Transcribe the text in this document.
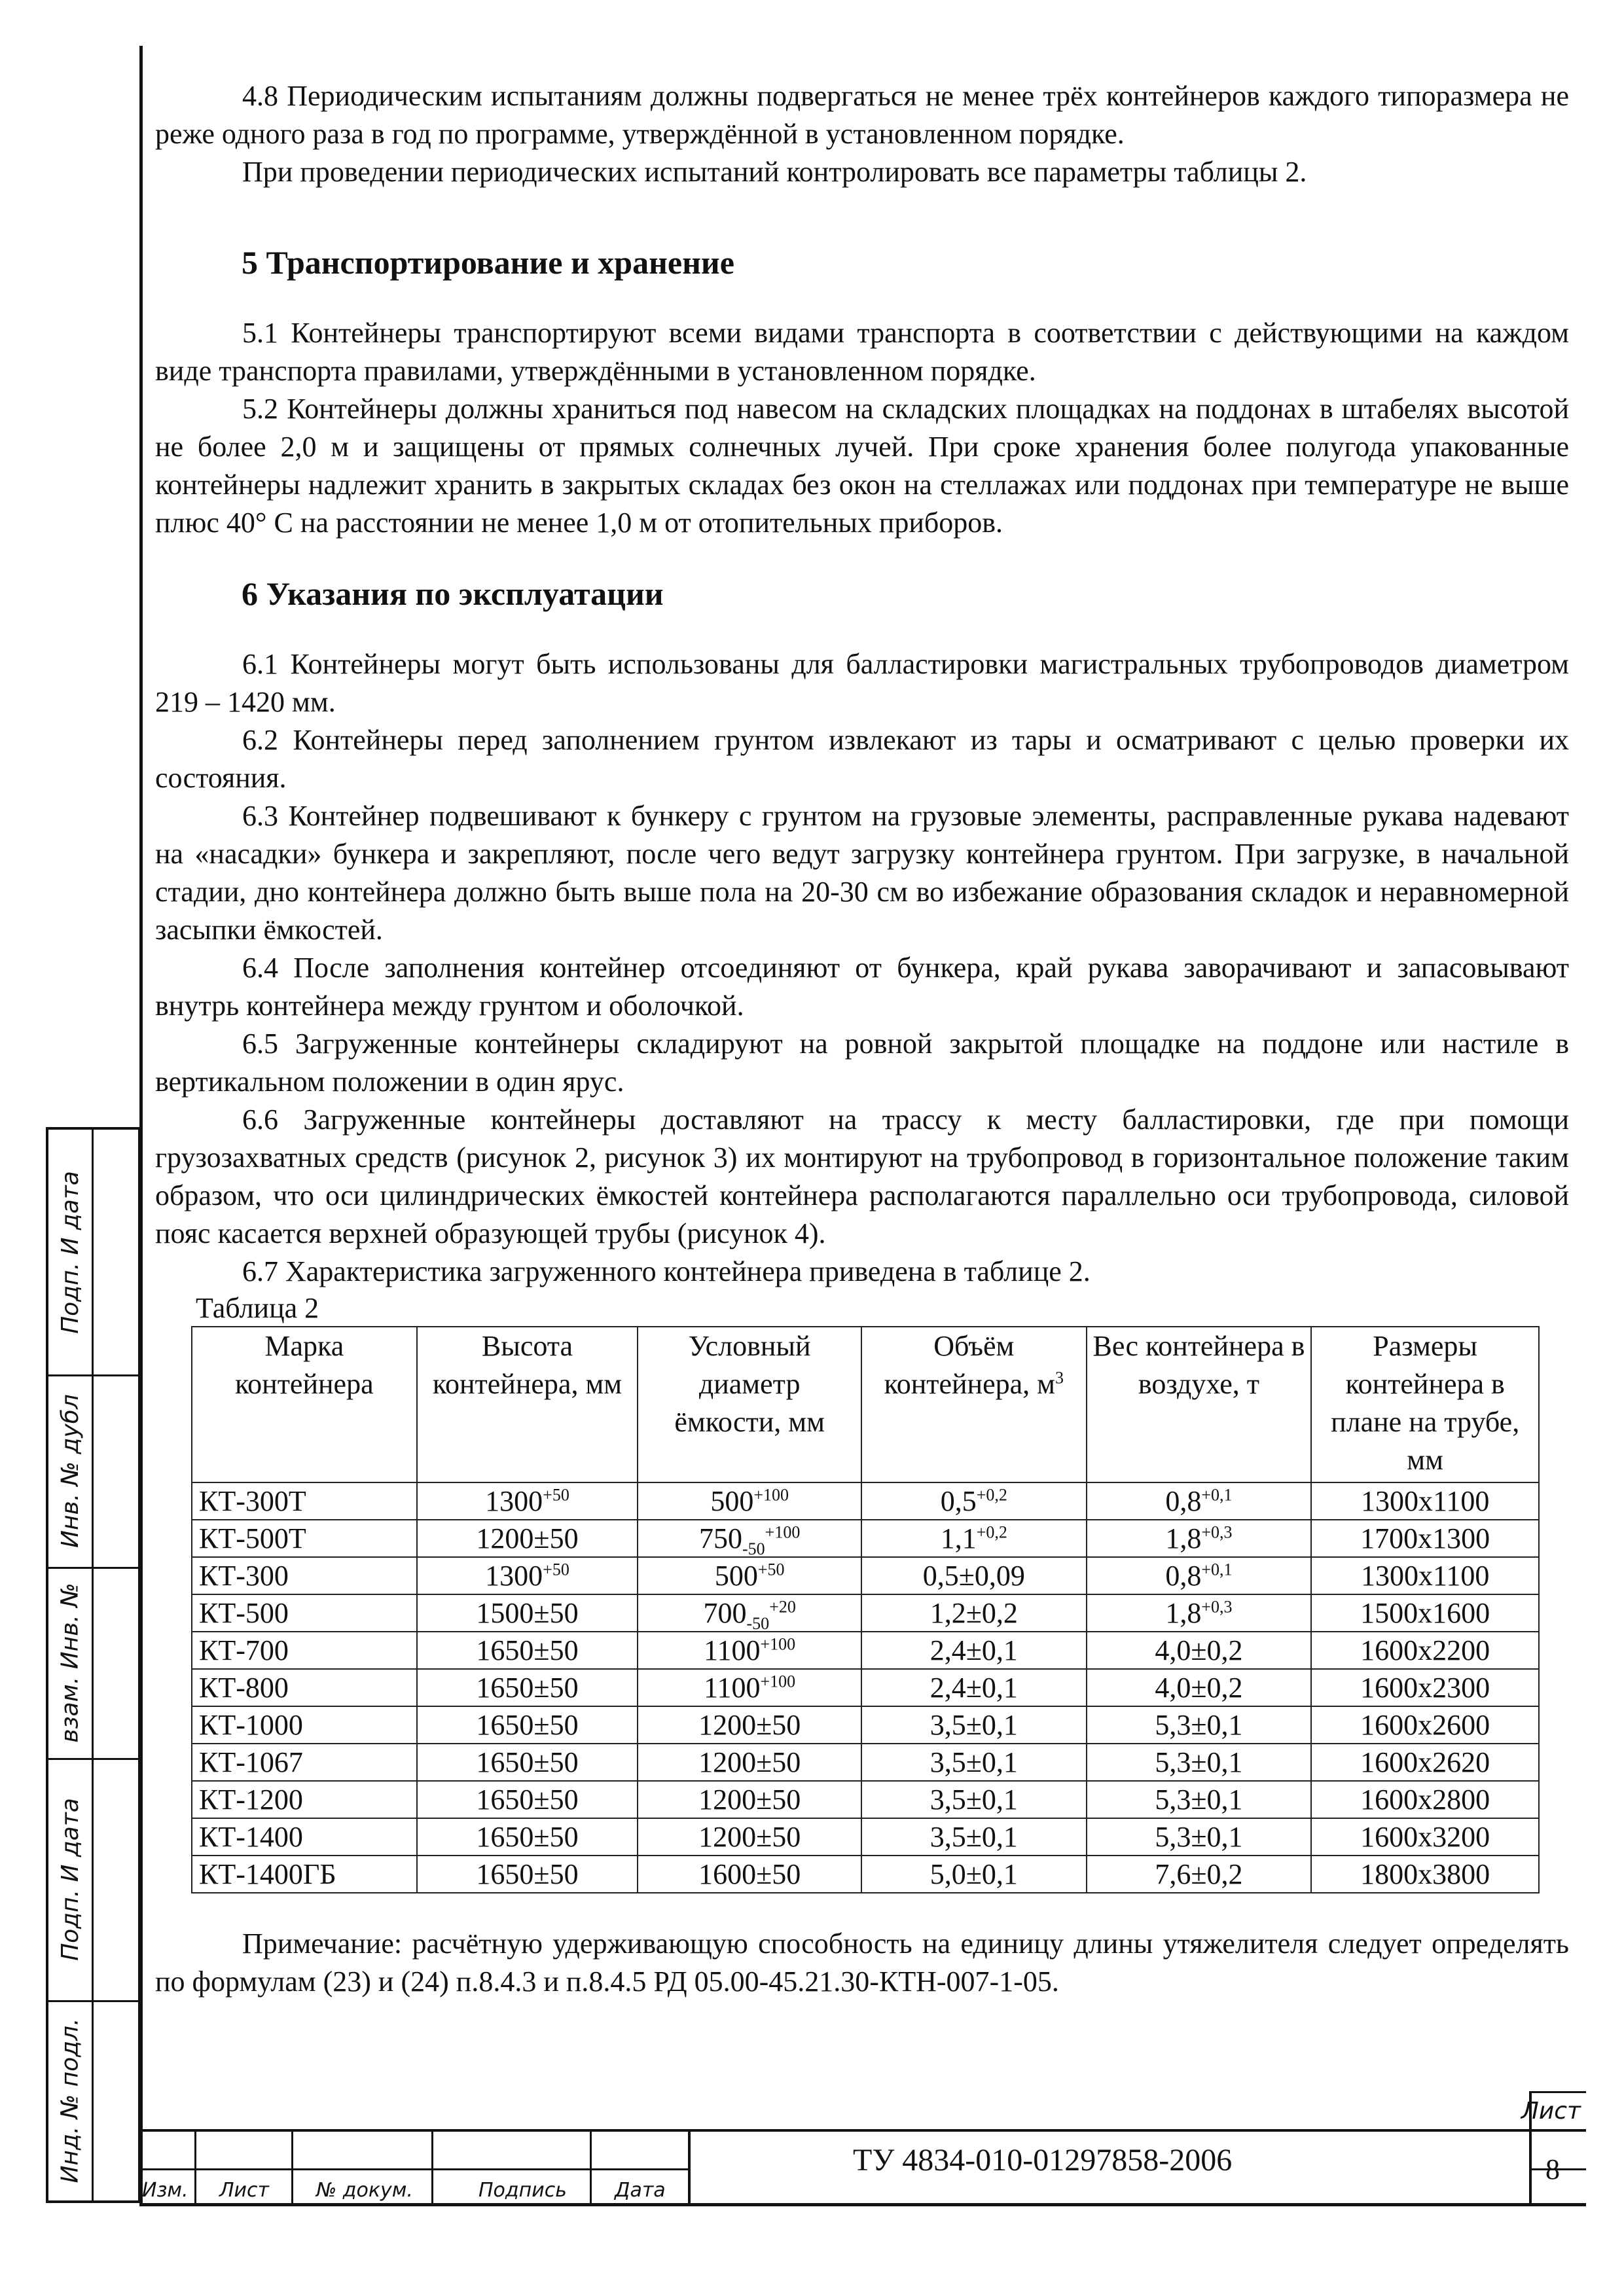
4.8 Периодическим испытаниям должны подвергаться не менее трёх контейнеров каждого типоразмера не реже одного раза в год по программе, утверждённой в установленном порядке.

При проведении периодических испытаний контролировать все параметры таблицы 2.

5 Транспортирование и хранение

5.1 Контейнеры транспортируют всеми видами транспорта в соответствии с действующими на каждом виде транспорта правилами, утверждёнными в установленном порядке.

5.2 Контейнеры должны храниться под навесом на складских площадках на поддонах в штабелях высотой не более 2,0 м и защищены от прямых солнечных лучей. При сроке хранения более полугода упакованные контейнеры надлежит хранить в закрытых складах без окон на стеллажах или поддонах при температуре не выше плюс 40° С на расстоянии не менее 1,0 м от отопительных приборов.

6 Указания по эксплуатации

6.1 Контейнеры могут быть использованы для балластировки магистральных трубопроводов диаметром 219 – 1420 мм.

6.2 Контейнеры перед заполнением грунтом извлекают из тары и осматривают с целью проверки их состояния.

6.3 Контейнер подвешивают к бункеру с грунтом на грузовые элементы, расправленные рукава надевают на «насадки» бункера и закрепляют, после чего ведут загрузку контейнера грунтом. При загрузке, в начальной стадии, дно контейнера должно быть выше пола на 20-30 см во избежание образования складок и неравномерной засыпки ёмкостей.

6.4 После заполнения контейнер отсоединяют от бункера, край рукава заворачивают и запасовывают внутрь контейнера между грунтом и оболочкой.

6.5 Загруженные контейнеры складируют на ровной закрытой площадке на поддоне или настиле в вертикальном положении в один ярус.

6.6 Загруженные контейнеры доставляют на трассу к месту балластировки, где при помощи грузозахватных средств (рисунок 2, рисунок 3) их монтируют на трубопровод в горизонтальное положение таким образом, что оси цилиндрических ёмкостей контейнера располагаются параллельно оси трубопровода, силовой пояс касается верхней образующей трубы (рисунок 4).

6.7 Характеристика загруженного контейнера приведена в таблице 2.

Таблица 2
Марка контейнера	Высота контейнера, мм	Условный диаметр ёмкости, мм	Объём контейнера, $м^3$	Вес контейнера в воздухе, т	Размеры контейнера в плане на трубе, мм
КТ-300Т	$1300^{+50}$	$500^{+100}$	$0,5^{+0,2}$	$0,8^{+0,1}$	1300x1100
КТ-500Т	1200±50	$750_{-50}^{+100}$	$1,1^{+0,2}$	$1,8^{+0,3}$	1700x1300
КТ-300	$1300^{+50}$	$500^{+50}$	0,5±0,09	$0,8^{+0,1}$	1300x1100
КТ-500	1500±50	$700_{-50}^{+20}$	1,2±0,2	$1,8^{+0,3}$	1500x1600
КТ-700	1650±50	$1100^{+100}$	2,4±0,1	4,0±0,2	1600x2200
КТ-800	1650±50	$1100^{+100}$	2,4±0,1	4,0±0,2	1600x2300
КТ-1000	1650±50	1200±50	3,5±0,1	5,3±0,1	1600x2600
КТ-1067	1650±50	1200±50	3,5±0,1	5,3±0,1	1600x2620
КТ-1200	1650±50	1200±50	3,5±0,1	5,3±0,1	1600x2800
КТ-1400	1650±50	1200±50	3,5±0,1	5,3±0,1	1600x3200
КТ-1400ГБ	1650±50	1600±50	5,0±0,1	7,6±0,2	1800x3800

Примечание: расчётную удерживающую способность на единицу длины утяжелителя следует определять по формулам (23) и (24) п.8.4.3 и п.8.4.5 РД 05.00-45.21.30-КТН-007-1-05.

Подп. И дата
Инв. № дубл
взам. Инв. №
Подп. И дата
Инд. № подл.
Изм. Лист № докум.	Подпись Дата
ТУ 4834-010-01297858-2006
Лист
8
